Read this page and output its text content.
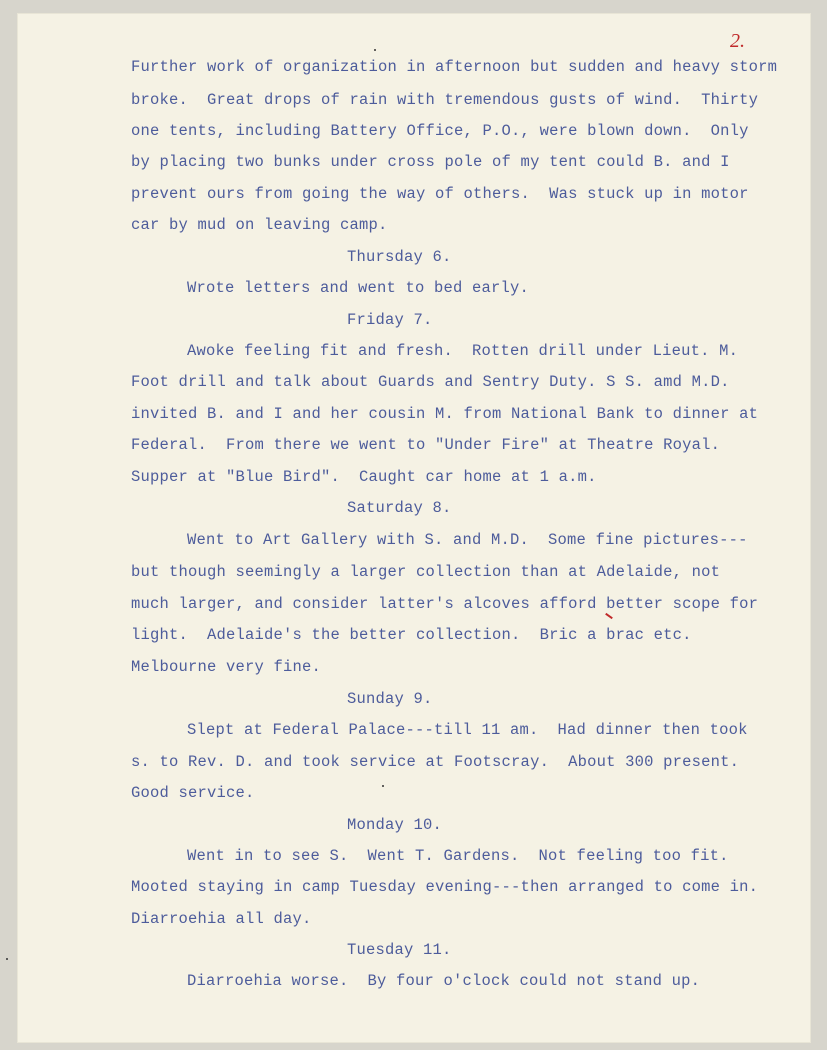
2.

Further work of organization in afternoon but sudden and heavy storm

broke.  Great drops of rain with tremendous gusts of wind.  Thirty

one tents, including Battery Office, P.O., were blown down.  Only

by placing two bunks under cross pole of my tent could B. and I

prevent ours from going the way of others.  Was stuck up in motor

car by mud on leaving camp.

Thursday 6.

Wrote letters and went to bed early.

Friday 7.

Awoke feeling fit and fresh.  Rotten drill under Lieut. M.

Foot drill and talk about Guards and Sentry Duty. S S. amd M.D.

invited B. and I and her cousin M. from National Bank to dinner at

Federal.  From there we went to "Under Fire" at Theatre Royal.

Supper at "Blue Bird".  Caught car home at 1 a.m.

Saturday 8.

Went to Art Gallery with S. and M.D.  Some fine pictures---

but though seemingly a larger collection than at Adelaide, not

much larger, and consider latter's alcoves afford better scope for

light.  Adelaide's the better collection.  Bric a brac etc.

Melbourne very fine.

Sunday 9.

Slept at Federal Palace---till 11 am.  Had dinner then took

s. to Rev. D. and took service at Footscray.  About 300 present.

Good service.

Monday 10.

Went in to see S.  Went T. Gardens.  Not feeling too fit.

Mooted staying in camp Tuesday evening---then arranged to come in.

Diarroehia all day.

Tuesday 11.

Diarroehia worse.  By four o'clock could not stand up.
